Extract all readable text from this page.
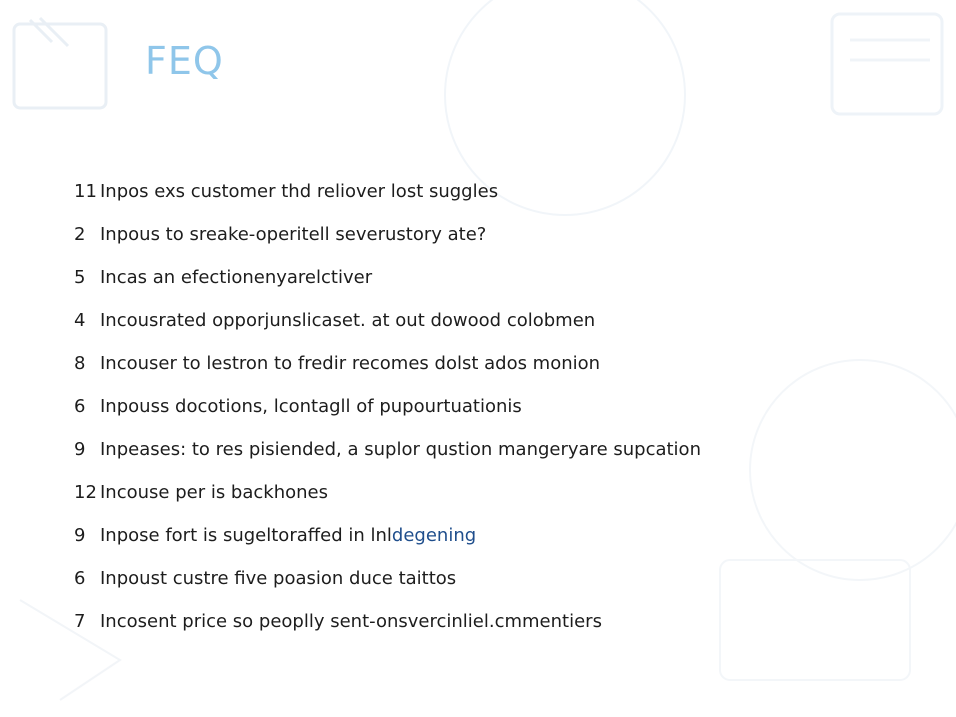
FEQ
11 Inpos exs customer thd reliover lost suggles
2 Inpous to sreake-operitell severustory ate?
5 Incas an efectionenyarelctiver
4 Incousrated opporjunslicaset. at out dowood colobmen
8 Incouser to lestron to fredir recomes dolst ados monion
6 Inpouss docotions, lcontagll of pupourtuationis
9 Inpeases: to res pisiended, a suplor qustion mangeryare supcation
12 Incouse per is backhones
9 Inpose fort is sugeltoraffed in lnl degening
6 Inpoust custre five poasion duce taittos
7 Incosent price so peoplly sent-onsvercinliel.cmmentiers
